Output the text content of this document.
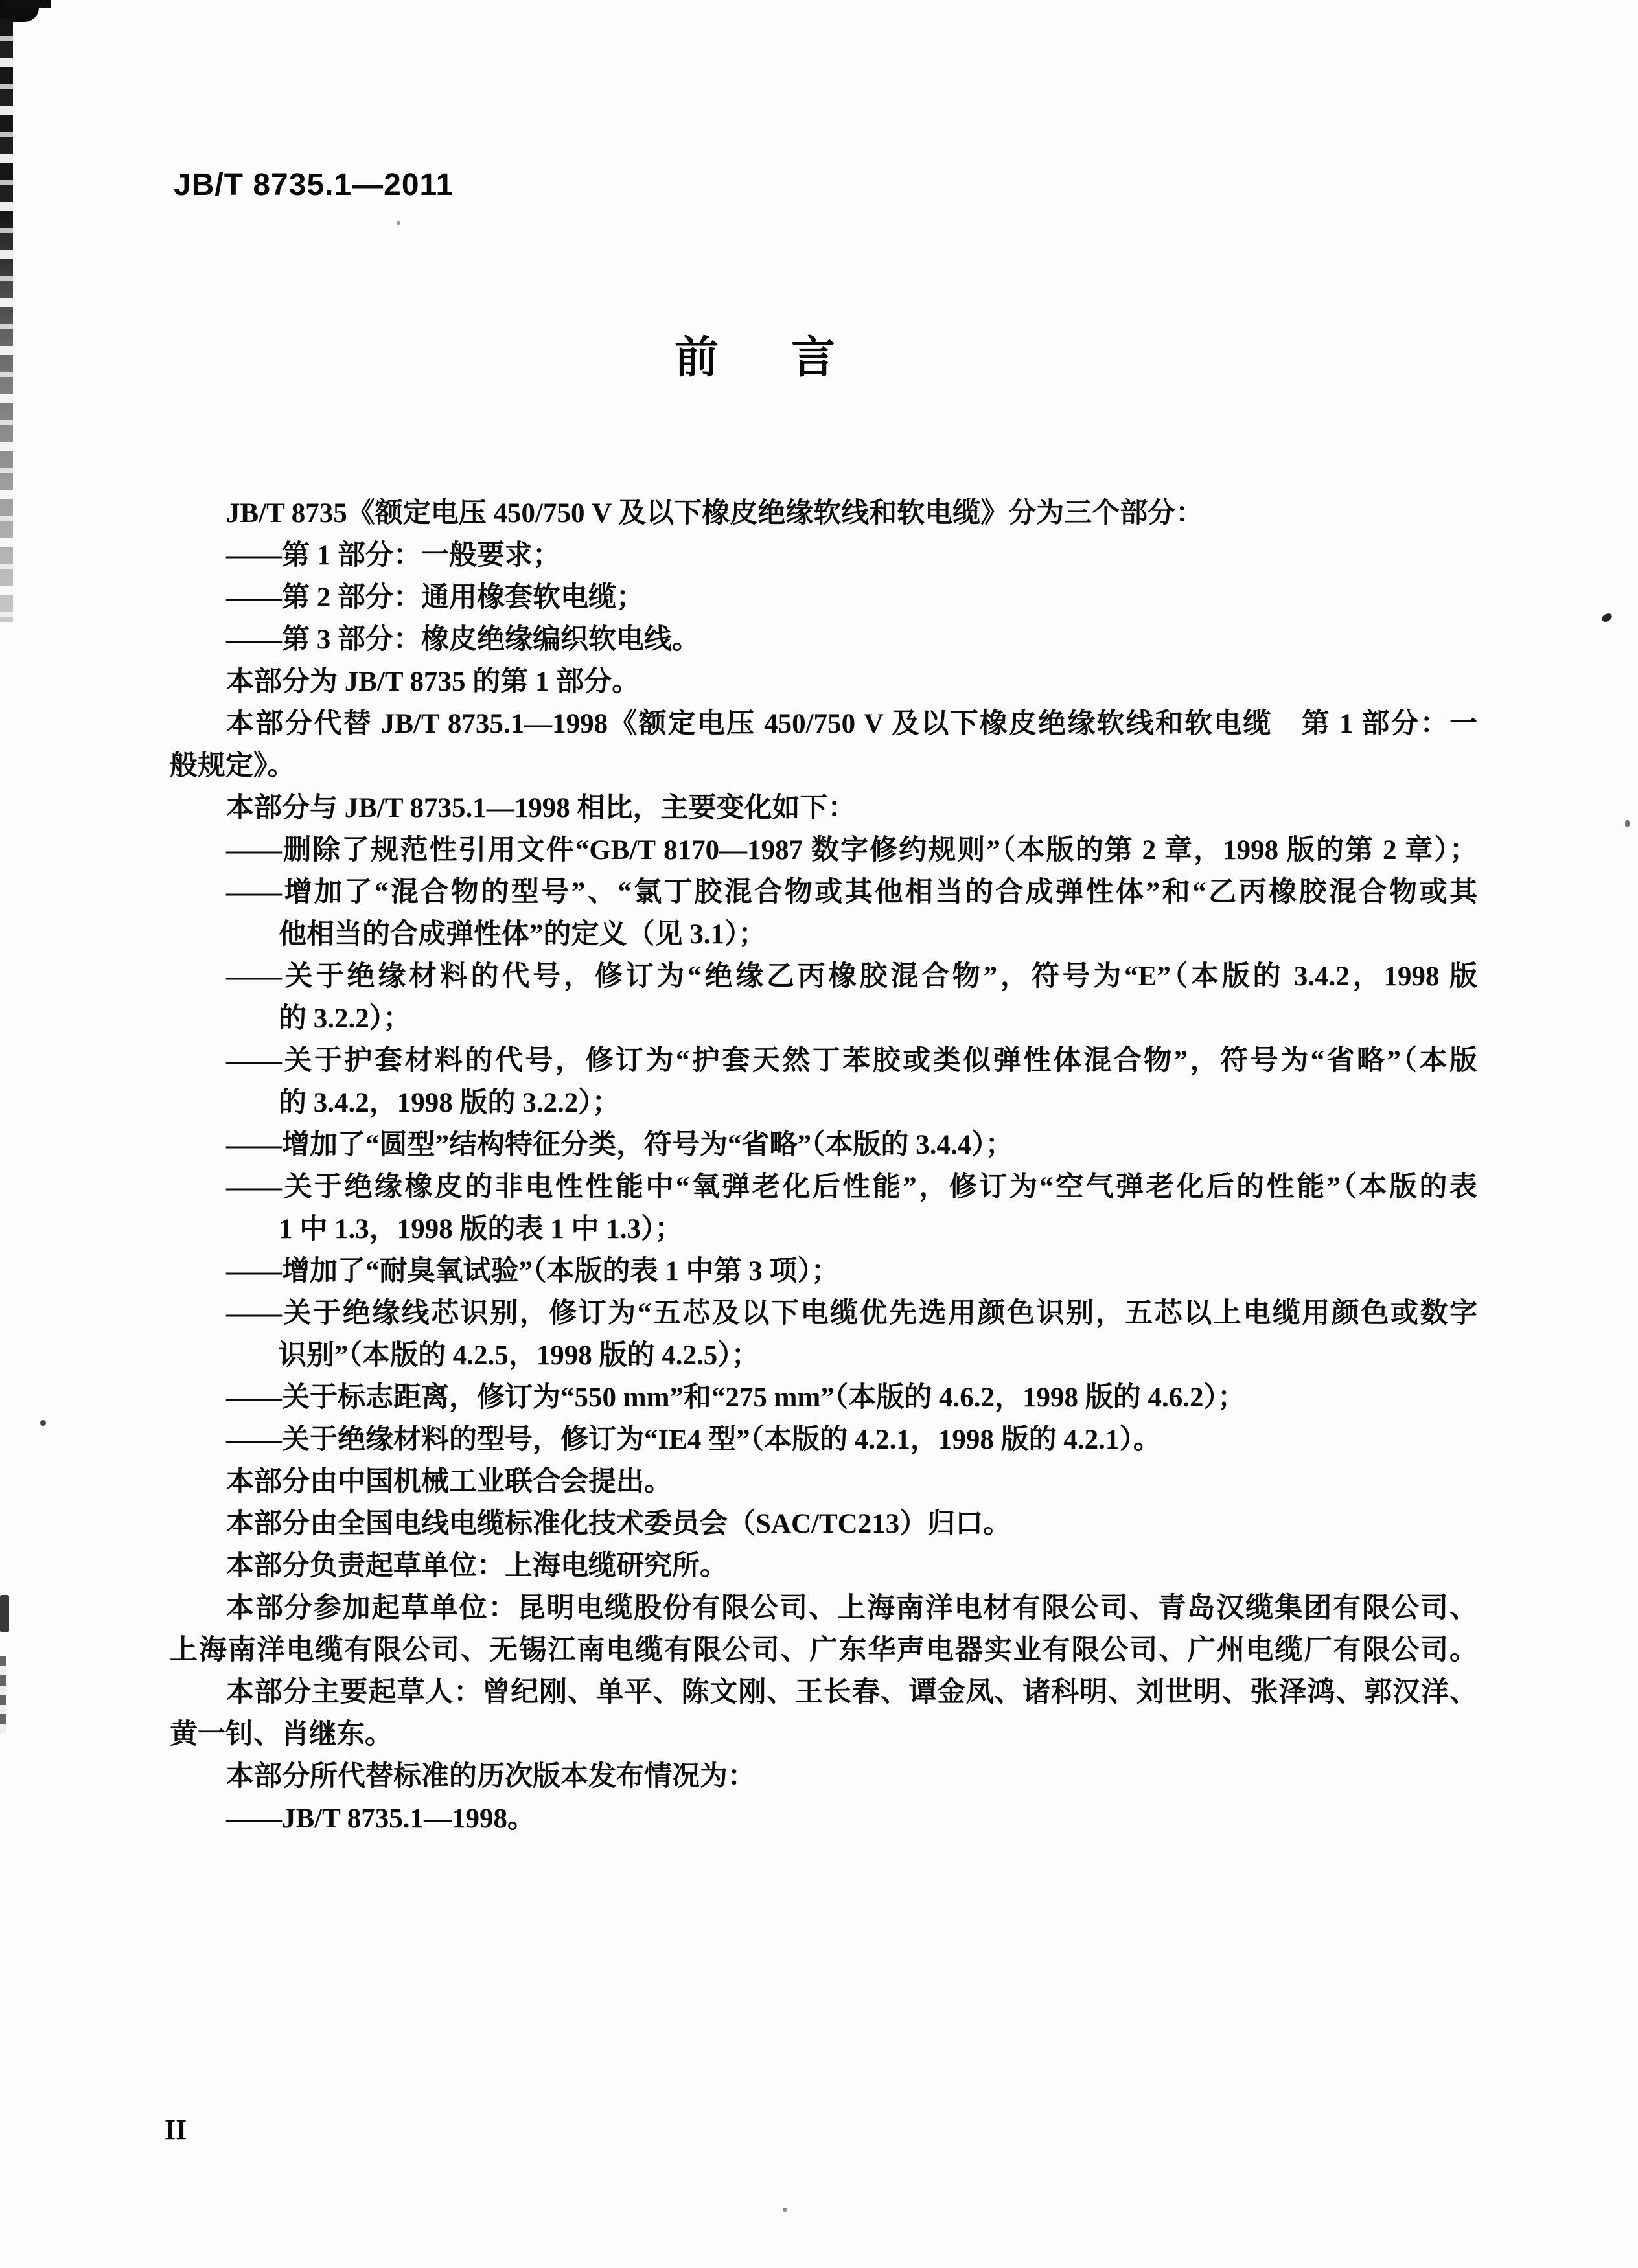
JB/T 8735.1—2011
前 言
JB/T 8735《额定电压 450/750 V 及以下橡皮绝缘软线和软电缆》分为三个部分：
——第 1 部分：一般要求；
——第 2 部分：通用橡套软电缆；
——第 3 部分：橡皮绝缘编织软电线。
本部分为 JB/T 8735 的第 1 部分。
本部分代替 JB/T 8735.1—1998《额定电压 450/750 V 及以下橡皮绝缘软线和软电缆　第 1 部分：一
般规定》。
本部分与 JB/T 8735.1—1998 相比，主要变化如下：
——删除了规范性引用文件“GB/T 8170—1987 数字修约规则”（本版的第 2 章，1998 版的第 2 章）；
——增加了“混合物的型号”、“氯丁胶混合物或其他相当的合成弹性体”和“乙丙橡胶混合物或其
他相当的合成弹性体”的定义（见 3.1）；
——关于绝缘材料的代号，修订为“绝缘乙丙橡胶混合物”，符号为“E”（本版的 3.4.2，1998 版
的 3.2.2）；
——关于护套材料的代号，修订为“护套天然丁苯胶或类似弹性体混合物”，符号为“省略”（本版
的 3.4.2，1998 版的 3.2.2）；
——增加了“圆型”结构特征分类，符号为“省略”（本版的 3.4.4）；
——关于绝缘橡皮的非电性性能中“氧弹老化后性能”，修订为“空气弹老化后的性能”（本版的表
1 中 1.3，1998 版的表 1 中 1.3）；
——增加了“耐臭氧试验”（本版的表 1 中第 3 项）；
——关于绝缘线芯识别，修订为“五芯及以下电缆优先选用颜色识别，五芯以上电缆用颜色或数字
识别”（本版的 4.2.5，1998 版的 4.2.5）；
——关于标志距离，修订为“550 mm”和“275 mm”（本版的 4.6.2，1998 版的 4.6.2）；
——关于绝缘材料的型号，修订为“IE4 型”（本版的 4.2.1，1998 版的 4.2.1）。
本部分由中国机械工业联合会提出。
本部分由全国电线电缆标准化技术委员会（SAC/TC213）归口。
本部分负责起草单位：上海电缆研究所。
本部分参加起草单位：昆明电缆股份有限公司、上海南洋电材有限公司、青岛汉缆集团有限公司、
上海南洋电缆有限公司、无锡江南电缆有限公司、广东华声电器实业有限公司、广州电缆厂有限公司。
本部分主要起草人：曾纪刚、单平、陈文刚、王长春、谭金凤、诸科明、刘世明、张泽鸿、郭汉洋、
黄一钊、肖继东。
本部分所代替标准的历次版本发布情况为：
——JB/T 8735.1—1998。
II
